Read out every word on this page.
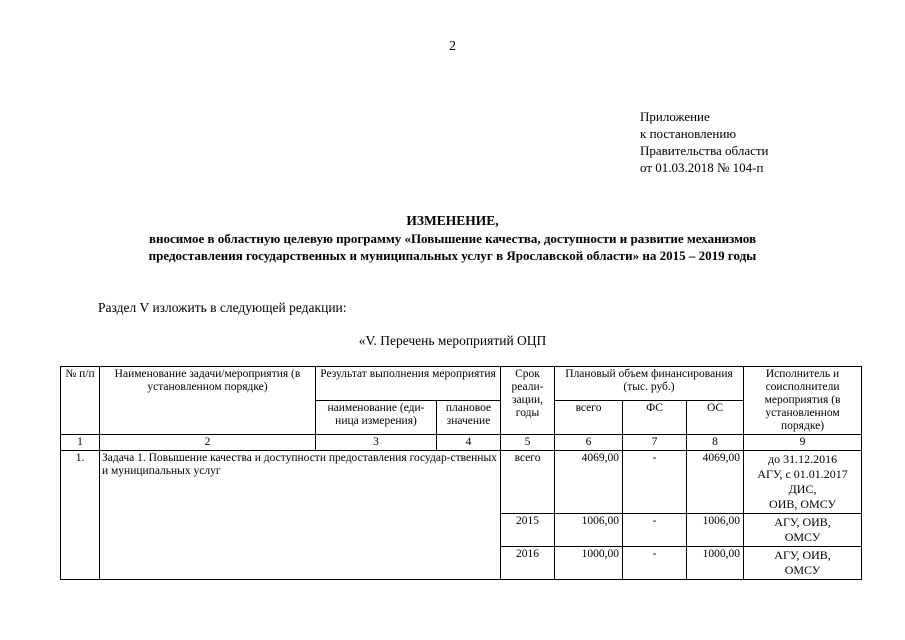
2
Приложение
к постановлению
Правительства области
от 01.03.2018 № 104-п
ИЗМЕНЕНИЕ,
вносимое в областную целевую программу «Повышение качества, доступности и развитие механизмов
предоставления государственных и муниципальных услуг в Ярославской области» на 2015 – 2019 годы
Раздел V изложить в следующей редакции:
«V. Перечень мероприятий ОЦП
№ п/п	Наименование задачи/мероприятия (в установленном порядке)	Результат выполнения мероприятия		Срок реали-зации, годы	Плановый объем финансирования (тыс. руб.)			Исполнитель и соисполнители мероприятия (в установленном порядке)
		наименование (еди-ница измерения)	плановое значение		всего	ФС	ОС	
1	2	3	4	5	6	7	8	9
1.	Задача 1. Повышение качества и доступности предоставления государ-ственных и муниципальных услуг			всего	4069,00	-	4069,00	до 31.12.2016
АГУ, с 01.01.2017
ДИС,
ОИВ, ОМСУ

				2015	1006,00	-	1006,00	АГУ, ОИВ,
ОМСУ

				2016	1000,00	-	1000,00	АГУ, ОИВ,
ОМСУ
